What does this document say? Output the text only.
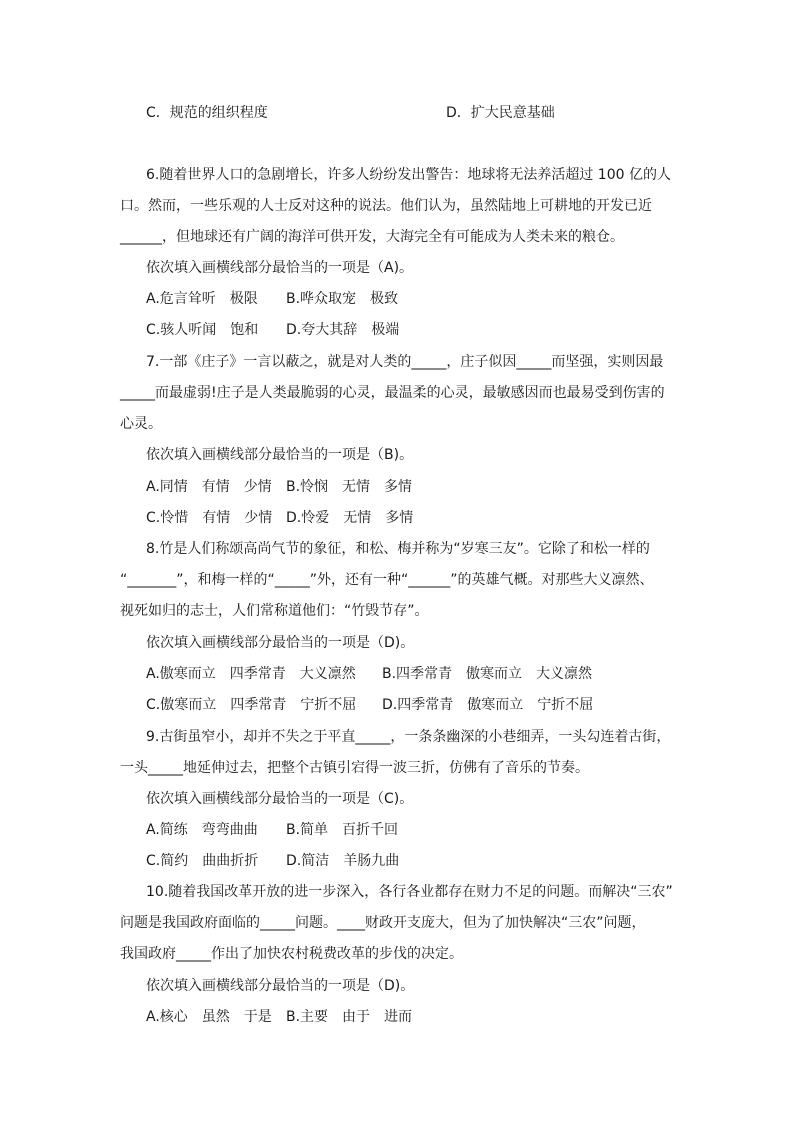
C．规范的组织程度	D．扩大民意基础
6.随着世界人口的急剧增长，许多人纷纷发出警告：地球将无法养活超过 100 亿的人
口。然而，一些乐观的人士反对这种的说法。他们认为，虽然陆地上可耕地的开发已近
______，但地球还有广阔的海洋可供开发，大海完全有可能成为人类未来的粮仓。
依次填入画横线部分最恰当的一项是（A)。
A.危言耸听　极限 B.哗众取宠　极致
C.骇人听闻　饱和 D.夸大其辞　极端
7.一部《庄子》一言以蔽之，就是对人类的_____，庄子似因_____而坚强，实则因最
_____而最虚弱!庄子是人类最脆弱的心灵，最温柔的心灵，最敏感因而也最易受到伤害的
心灵。
依次填入画横线部分最恰当的一项是（B)。
A.同情　有情　少情 B.怜悯　无情　多情
C.怜惜　有情　少情 D.怜爱　无情　多情
8.竹是人们称颂高尚气节的象征，和松、梅并称为“岁寒三友”。它除了和松一样的
“_______”，和梅一样的“_____”外，还有一种“______”的英雄气概。对那些大义凛然、
视死如归的志士，人们常称道他们：“竹毁节存”。
依次填入画横线部分最恰当的一项是（D)。
A.傲寒而立　四季常青　大义凛然 B.四季常青　傲寒而立　大义凛然
C.傲寒而立　四季常青　宁折不屈 D.四季常青　傲寒而立　宁折不屈
9.古街虽窄小，却并不失之于平直_____，一条条幽深的小巷细弄，一头勾连着古街，
一头_____地延伸过去，把整个古镇引宕得一波三折，仿佛有了音乐的节奏。
依次填入画横线部分最恰当的一项是（C)。
A.简练　弯弯曲曲 B.简单　百折千回
C.简约　曲曲折折 D.简洁　羊肠九曲
10.随着我国改革开放的进一步深入，各行各业都存在财力不足的问题。而解决“三农”
问题是我国政府面临的_____问题。____财政开支庞大，但为了加快解决“三农”问题，
我国政府_____作出了加快农村税费改革的步伐的决定。
依次填入画横线部分最恰当的一项是（D)。
A.核心　虽然　于是 B.主要　由于　进而
